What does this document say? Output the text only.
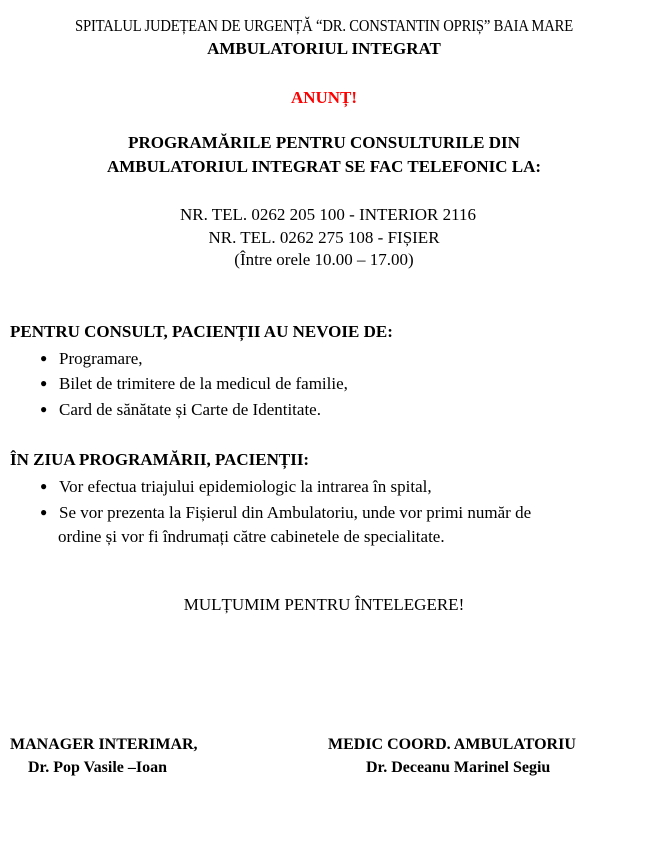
SPITALUL JUDEȚEAN DE URGENȚĂ “DR. CONSTANTIN OPRIȘ” BAIA MARE
AMBULATORIUL INTEGRAT
ANUNȚ!
PROGRAMĂRILE PENTRU CONSULTURILE DIN
AMBULATORIUL INTEGRAT SE FAC TELEFONIC LA:
NR. TEL. 0262 205 100 - INTERIOR 2116
NR. TEL. 0262 275 108 - FIȘIER
(Între orele 10.00 – 17.00)
PENTRU CONSULT, PACIENȚII AU NEVOIE DE:
● Programare,
● Bilet de trimitere de la medicul de familie,
● Card de sănătate și Carte de Identitate.
ÎN ZIUA PROGRAMĂRII, PACIENȚII:
● Vor efectua triajului epidemiologic la intrarea în spital,
● Se vor prezenta la Fișierul din Ambulatoriu, unde vor primi număr de
ordine și vor fi îndrumați către cabinetele de specialitate.
MULȚUMIM PENTRU ÎNTELEGERE!
MANAGER INTERIMAR,
Dr. Pop Vasile –Ioan
MEDIC COORD. AMBULATORIU
Dr. Deceanu Marinel Segiu
